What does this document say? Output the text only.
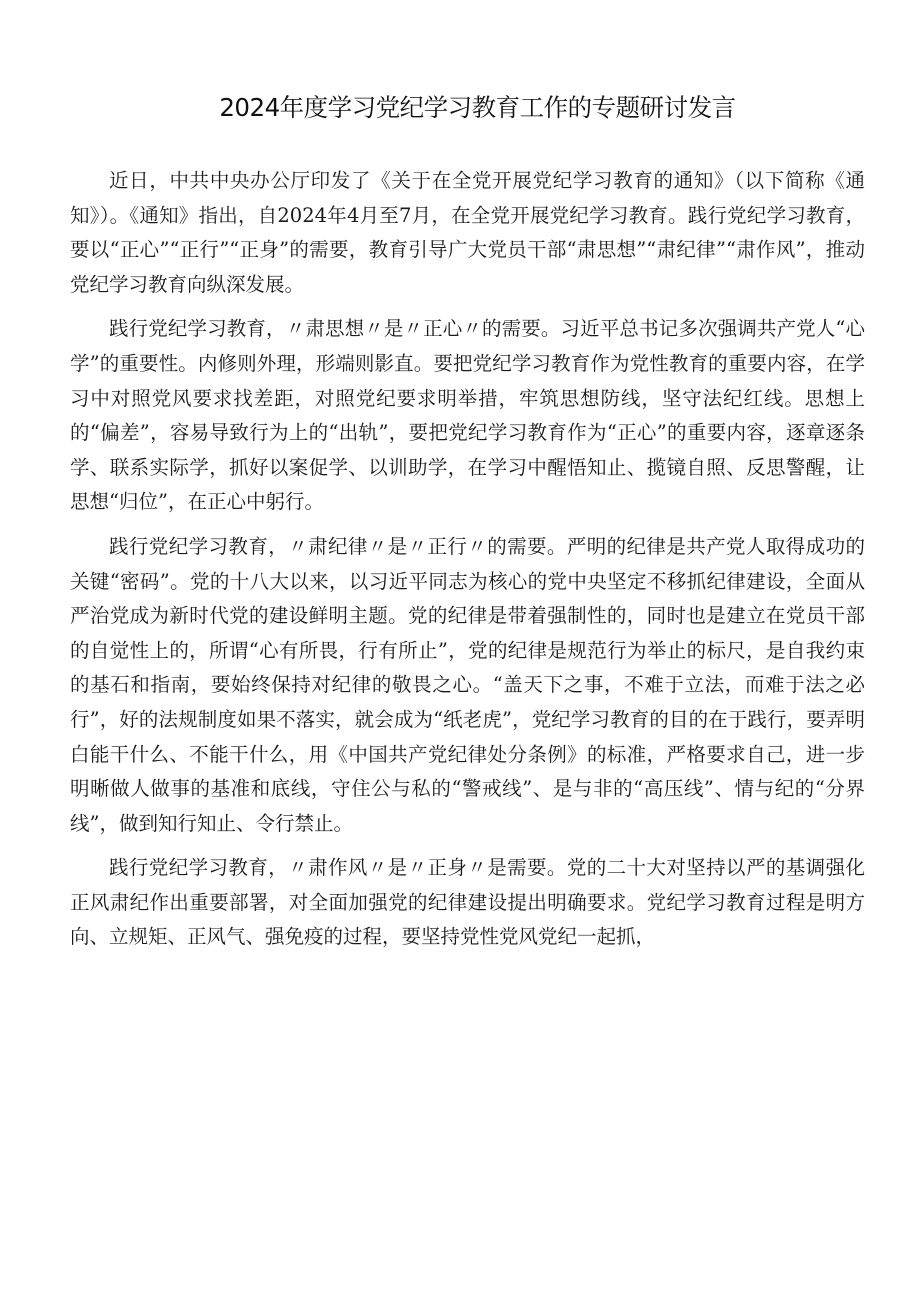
2024年度学习党纪学习教育工作的专题研讨发言

近日，中共中央办公厅印发了《关于在全党开展党纪学习教育的通知》（以下简称《通知》）。《通知》指出，自2024年4月至7月，在全党开展党纪学习教育。践行党纪学习教育，要以“正心”“正行”“正身”的需要，教育引导广大党员干部“肃思想”“肃纪律”“肃作风”，推动党纪学习教育向纵深发展。

践行党纪学习教育，〃肃思想〃是〃正心〃的需要。习近平总书记多次强调共产党人“心学”的重要性。内修则外理，形端则影直。要把党纪学习教育作为党性教育的重要内容，在学习中对照党风要求找差距，对照党纪要求明举措，牢筑思想防线，坚守法纪红线。思想上的“偏差”，容易导致行为上的“出轨”，要把党纪学习教育作为“正心”的重要内容，逐章逐条学、联系实际学，抓好以案促学、以训助学，在学习中醒悟知止、揽镜自照、反思警醒，让思想“归位”，在正心中躬行。

践行党纪学习教育，〃肃纪律〃是〃正行〃的需要。严明的纪律是共产党人取得成功的关键“密码”。党的十八大以来，以习近平同志为核心的党中央坚定不移抓纪律建设，全面从严治党成为新时代党的建设鲜明主题。党的纪律是带着强制性的，同时也是建立在党员干部的自觉性上的，所谓“心有所畏，行有所止”，党的纪律是规范行为举止的标尺，是自我约束的基石和指南，要始终保持对纪律的敬畏之心。“盖天下之事，不难于立法，而难于法之必行”，好的法规制度如果不落实，就会成为“纸老虎”，党纪学习教育的目的在于践行，要弄明白能干什么、不能干什么，用《中国共产党纪律处分条例》的标准，严格要求自己，进一步明晰做人做事的基准和底线，守住公与私的“警戒线”、是与非的“高压线”、情与纪的“分界线”，做到知行知止、令行禁止。

践行党纪学习教育，〃肃作风〃是〃正身〃是需要。党的二十大对坚持以严的基调强化正风肃纪作出重要部署，对全面加强党的纪律建设提出明确要求。党纪学习教育过程是明方向、立规矩、正风气、强免疫的过程，要坚持党性党风党纪一起抓，
